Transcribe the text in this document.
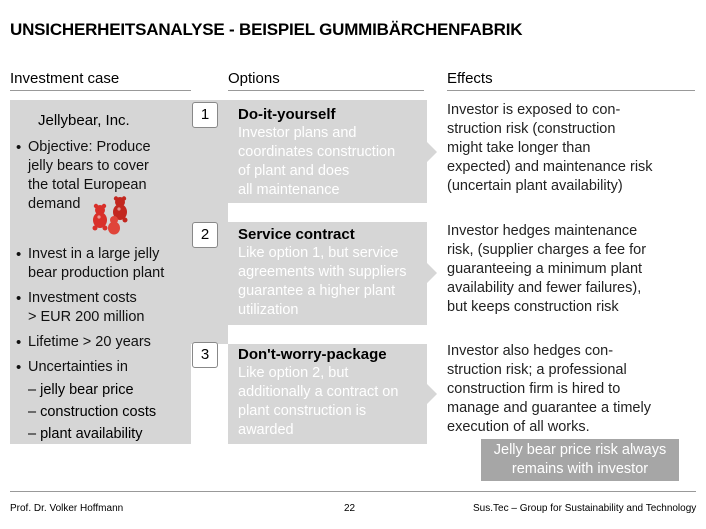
UNSICHERHEITSANALYSE - BEISPIEL GUMMIBÄRCHENFABRIK
Investment case	Options	Effects
Jellybear, Inc.
• Objective: Produce
jelly bears to cover
the total European
demand
• Invest in a large jelly
bear production plant
• Investment costs
> EUR 200 million
• Lifetime > 20 years
• Uncertainties in
– jelly bear price
– construction costs
– plant availability
1
2
3
Do-it-yourself
Investor plans and
coordinates construction
of plant and does
all maintenance
Service contract
Like option 1, but service
agreements with suppliers
guarantee a higher plant
utilization
Don't-worry-package
Like option 2, but
additionally a contract on
plant construction is
awarded
Investor is exposed to con-
struction risk (construction
might take longer than
expected) and maintenance risk
(uncertain plant availability)
Investor hedges maintenance
risk, (supplier charges a fee for
guaranteeing a minimum plant
availability and fewer failures),
but keeps construction risk
Investor also hedges con-
struction risk; a professional
construction firm is hired to
manage and guarantee a timely
execution of all works.
Jelly bear price risk always
remains with investor
Prof. Dr. Volker Hoffmann	22	Sus.Tec – Group for Sustainability and Technology
